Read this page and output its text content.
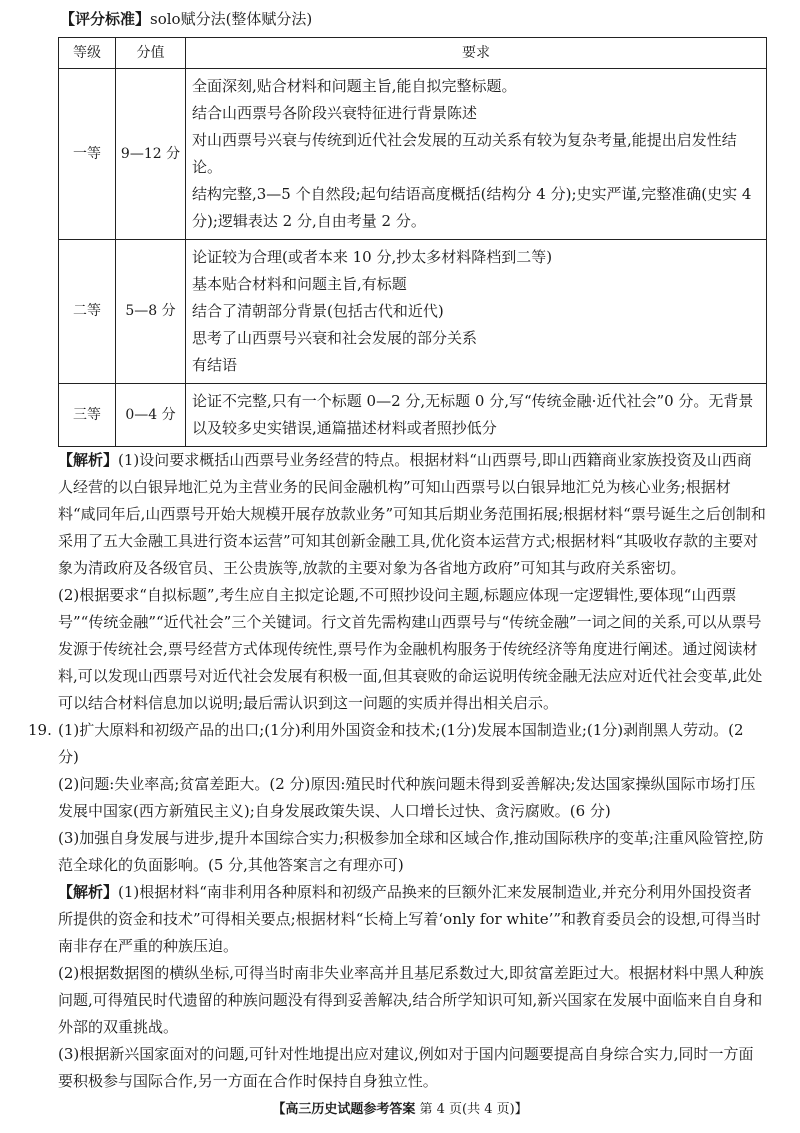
【评分标准】solo赋分法(整体赋分法)
等级	分值	要求
一等	9—12 分	全面深刻,贴合材料和问题主旨,能自拟完整标题。
结合山西票号各阶段兴衰特征进行背景陈述
对山西票号兴衰与传统到近代社会发展的互动关系有较为复杂考量,能提出启发性结论。
结构完整,3—5 个自然段;起句结语高度概括(结构分 4 分);史实严谨,完整准确(史实 4 分);逻辑表达 2 分,自由考量 2 分。

二等	5—8 分	论证较为合理(或者本来 10 分,抄太多材料降档到二等)
基本贴合材料和问题主旨,有标题
结合了清朝部分背景(包括古代和近代)
思考了山西票号兴衰和社会发展的部分关系
有结语

三等	0—4 分	论证不完整,只有一个标题 0—2 分,无标题 0 分,写“传统金融·近代社会”0 分。无背景以及较多史实错误,通篇描述材料或者照抄低分

【解析】(1)设问要求概括山西票号业务经营的特点。根据材料“山西票号,即山西籍商业家族投资及山西商人经营的以白银异地汇兑为主营业务的民间金融机构”可知山西票号以白银异地汇兑为核心业务;根据材料“咸同年后,山西票号开始大规模开展存放款业务”可知其后期业务范围拓展;根据材料“票号诞生之后创制和采用了五大金融工具进行资本运营”可知其创新金融工具,优化资本运营方式;根据材料“其吸收存款的主要对象为清政府及各级官员、王公贵族等,放款的主要对象为各省地方政府”可知其与政府关系密切。

(2)根据要求“自拟标题”,考生应自主拟定论题,不可照抄设问主题,标题应体现一定逻辑性,要体现“山西票号”“传统金融”“近代社会”三个关键词。行文首先需构建山西票号与“传统金融”一词之间的关系,可以从票号发源于传统社会,票号经营方式体现传统性,票号作为金融机构服务于传统经济等角度进行阐述。通过阅读材料,可以发现山西票号对近代社会发展有积极一面,但其衰败的命运说明传统金融无法应对近代社会变革,此处可以结合材料信息加以说明;最后需认识到这一问题的实质并得出相关启示。

19. (1)扩大原料和初级产品的出口;(1分)利用外国资金和技术;(1分)发展本国制造业;(1分)剥削黑人劳动。(2 分)

(2)问题:失业率高;贫富差距大。(2 分)原因:殖民时代种族问题未得到妥善解决;发达国家操纵国际市场打压发展中国家(西方新殖民主义);自身发展政策失误、人口增长过快、贪污腐败。(6 分)

(3)加强自身发展与进步,提升本国综合实力;积极参加全球和区域合作,推动国际秩序的变革;注重风险管控,防范全球化的负面影响。(5 分,其他答案言之有理亦可)

【解析】(1)根据材料“南非利用各种原料和初级产品换来的巨额外汇来发展制造业,并充分利用外国投资者所提供的资金和技术”可得相关要点;根据材料“长椅上写着‘only for white’”和教育委员会的设想,可得当时南非存在严重的种族压迫。

(2)根据数据图的横纵坐标,可得当时南非失业率高并且基尼系数过大,即贫富差距过大。根据材料中黑人种族问题,可得殖民时代遗留的种族问题没有得到妥善解决,结合所学知识可知,新兴国家在发展中面临来自自身和外部的双重挑战。

(3)根据新兴国家面对的问题,可针对性地提出应对建议,例如对于国内问题要提高自身综合实力,同时一方面要积极参与国际合作,另一方面在合作时保持自身独立性。

【高三历史试题参考答案 第 4 页(共 4 页)】
